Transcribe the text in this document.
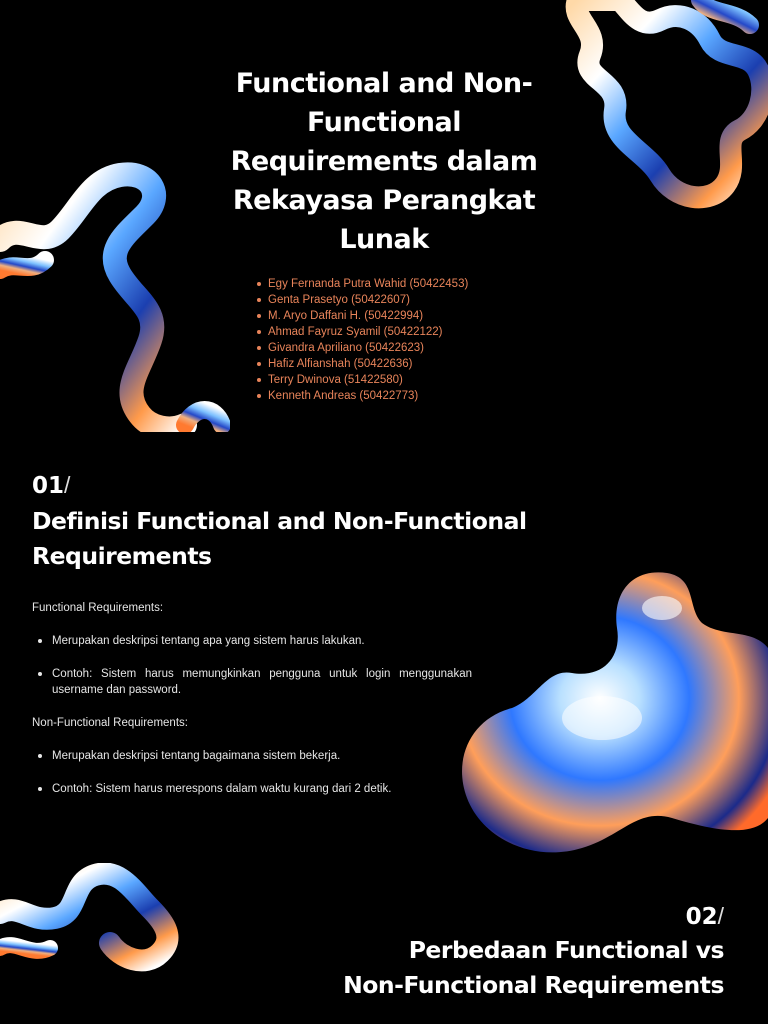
Functional and Non-
Functional
Requirements dalam
Rekayasa Perangkat
Lunak
Egy Fernanda Putra Wahid (50422453)
Genta Prasetyo (50422607)
M. Aryo Daffani H. (50422994)
Ahmad Fayruz Syamil (50422122)
Givandra Apriliano (50422623)
Hafiz Alfianshah (50422636)
Terry Dwinova (51422580)
Kenneth Andreas (50422773)
01/
Definisi Functional and Non-Functional
Requirements

Functional Requirements:

Merupakan deskripsi tentang apa yang sistem harus lakukan.
Contoh: Sistem harus memungkinkan pengguna untuk login menggunakan username dan password.

Non-Functional Requirements:

Merupakan deskripsi tentang bagaimana sistem bekerja.
Contoh: Sistem harus merespons dalam waktu kurang dari 2 detik.
02/
Perbedaan Functional vs
Non-Functional Requirements
